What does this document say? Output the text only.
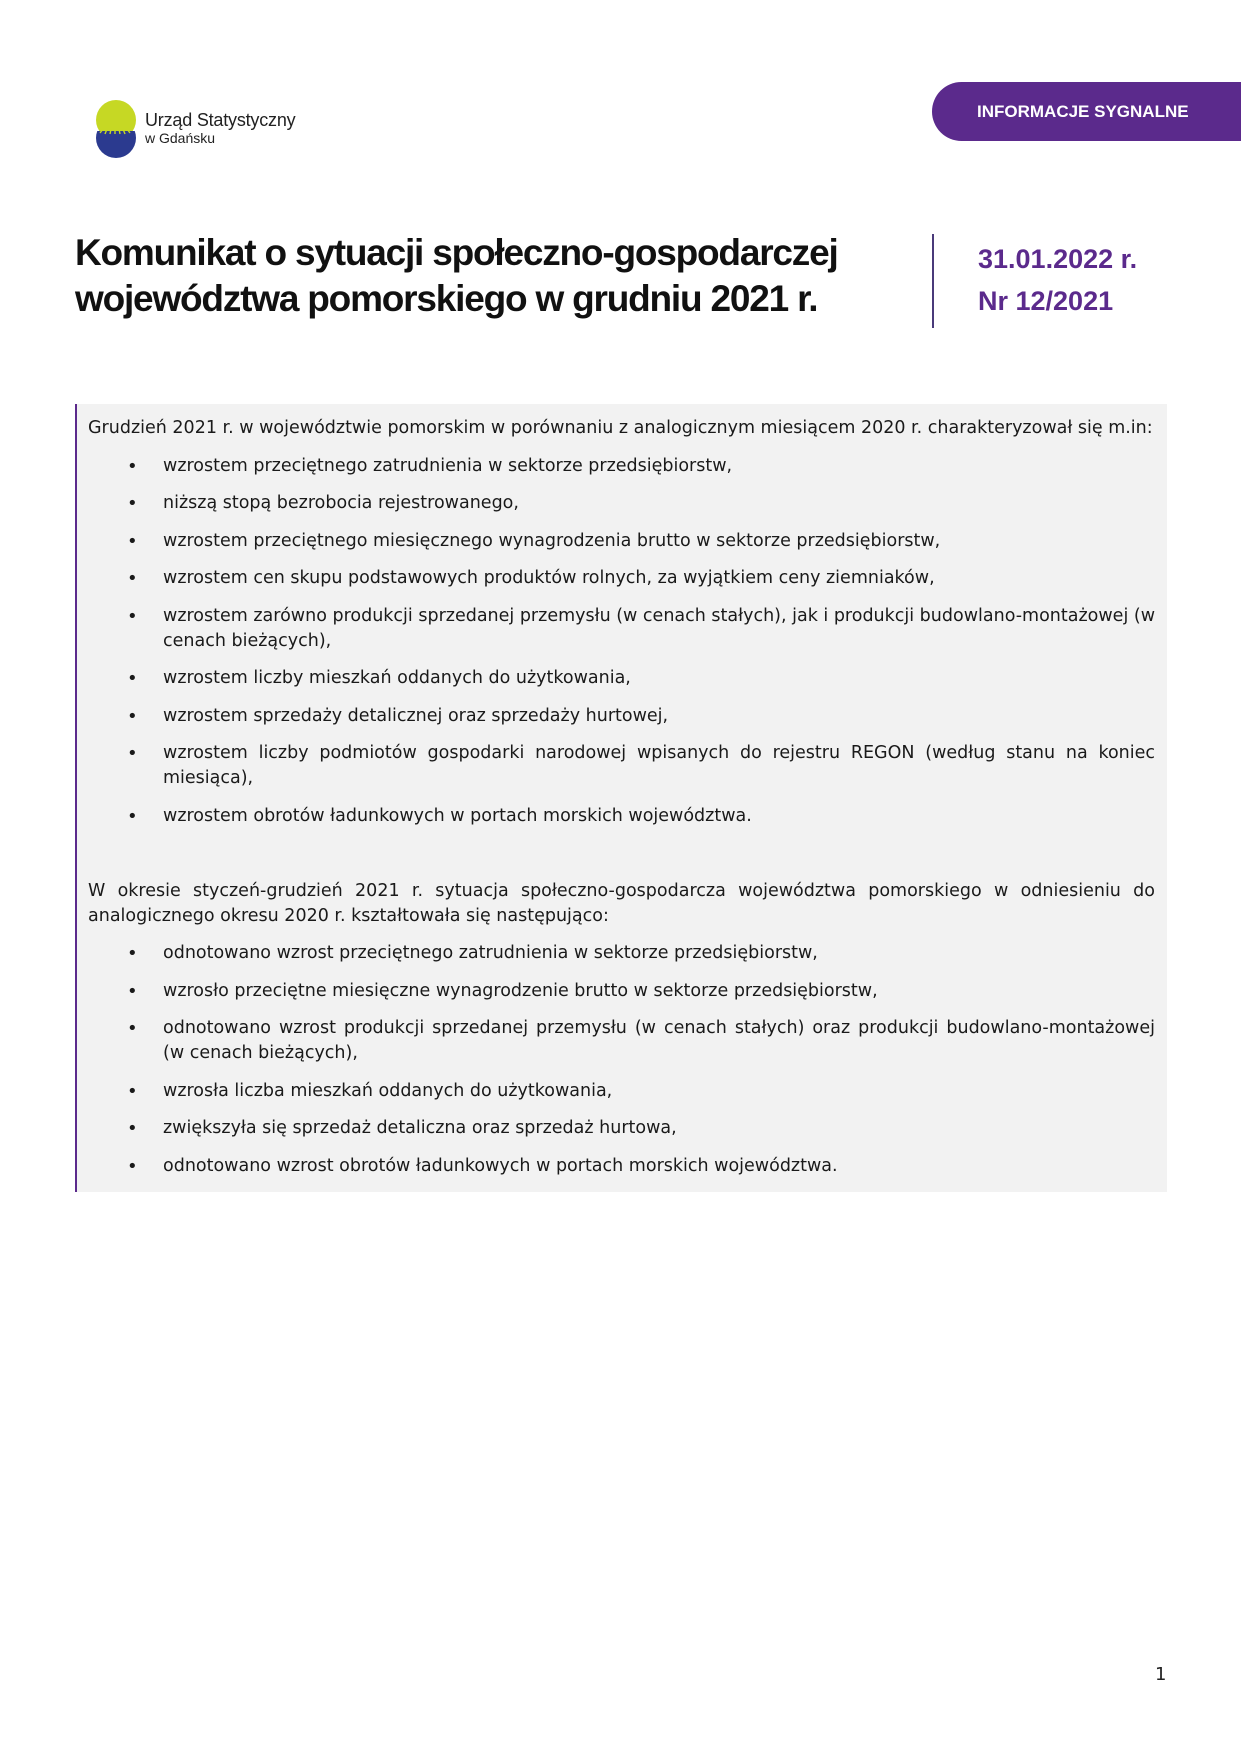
Urząd Statystyczny
w Gdańsku
INFORMACJE SYGNALNE
Komunikat o sytuacji społeczno-gospodarczej
województwa pomorskiego w grudniu 2021 r.
31.01.2022 r.
Nr 12/2021

Grudzień 2021 r. w województwie pomorskim w porównaniu z analogicznym miesiącem 2020 r. charakteryzował się m.in:

• wzrostem przeciętnego zatrudnienia w sektorze przedsiębiorstw,
• niższą stopą bezrobocia rejestrowanego,
• wzrostem przeciętnego miesięcznego wynagrodzenia brutto w sektorze przedsiębiorstw,
• wzrostem cen skupu podstawowych produktów rolnych, za wyjątkiem ceny ziemniaków,
• wzrostem zarówno produkcji sprzedanej przemysłu (w cenach stałych), jak i produkcji budowlano-montażowej (w cenach bieżących),
• wzrostem liczby mieszkań oddanych do użytkowania,
• wzrostem sprzedaży detalicznej oraz sprzedaży hurtowej,
• wzrostem liczby podmiotów gospodarki narodowej wpisanych do rejestru REGON (według stanu na koniec miesiąca),
• wzrostem obrotów ładunkowych w portach morskich województwa.

W okresie styczeń-grudzień 2021 r. sytuacja społeczno-gospodarcza województwa pomorskiego w odniesieniu do analogicznego okresu 2020 r. kształtowała się następująco:

• odnotowano wzrost przeciętnego zatrudnienia w sektorze przedsiębiorstw,
• wzrosło przeciętne miesięczne wynagrodzenie brutto w sektorze przedsiębiorstw,
• odnotowano wzrost produkcji sprzedanej przemysłu (w cenach stałych) oraz produkcji budowlano-montażowej (w cenach bieżących),
• wzrosła liczba mieszkań oddanych do użytkowania,
• zwiększyła się sprzedaż detaliczna oraz sprzedaż hurtowa,
• odnotowano wzrost obrotów ładunkowych w portach morskich województwa.
1
